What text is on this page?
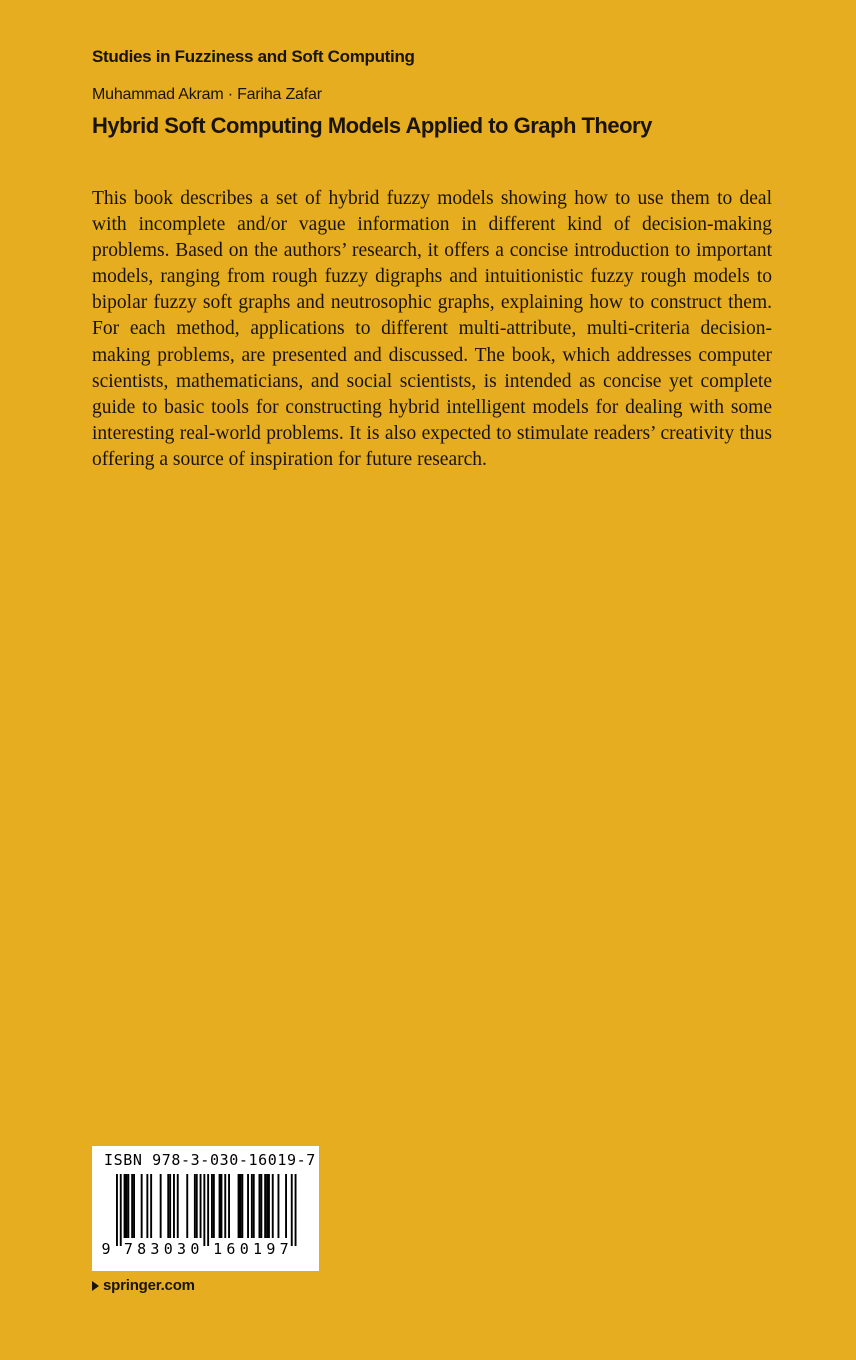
Studies in Fuzziness and Soft Computing
Muhammad Akram · Fariha Zafar
Hybrid Soft Computing Models Applied to Graph Theory

This book describes a set of hybrid fuzzy models showing how to use them to deal with incomplete and/or vague information in different kind of decision-making problems. Based on the authors’ research, it offers a concise introduction to important models, ranging from rough fuzzy digraphs and intuitionistic fuzzy rough models to bipolar fuzzy soft graphs and neutrosophic graphs, explaining how to construct them. For each method, applications to different multi-attribute, multi-criteria decision-making problems, are presented and discussed. The book, which addresses computer scientists, mathematicians, and social scientists, is intended as concise yet complete guide to basic tools for constructing hybrid intelligent models for dealing with some interesting real-world problems. It is also expected to stimulate readers’ creativity thus offering a source of inspiration for future research.

ISBN 978-3-030-16019-7
9 7 8 3 0 3 0 1 6 0 1 9 7
springer.com
